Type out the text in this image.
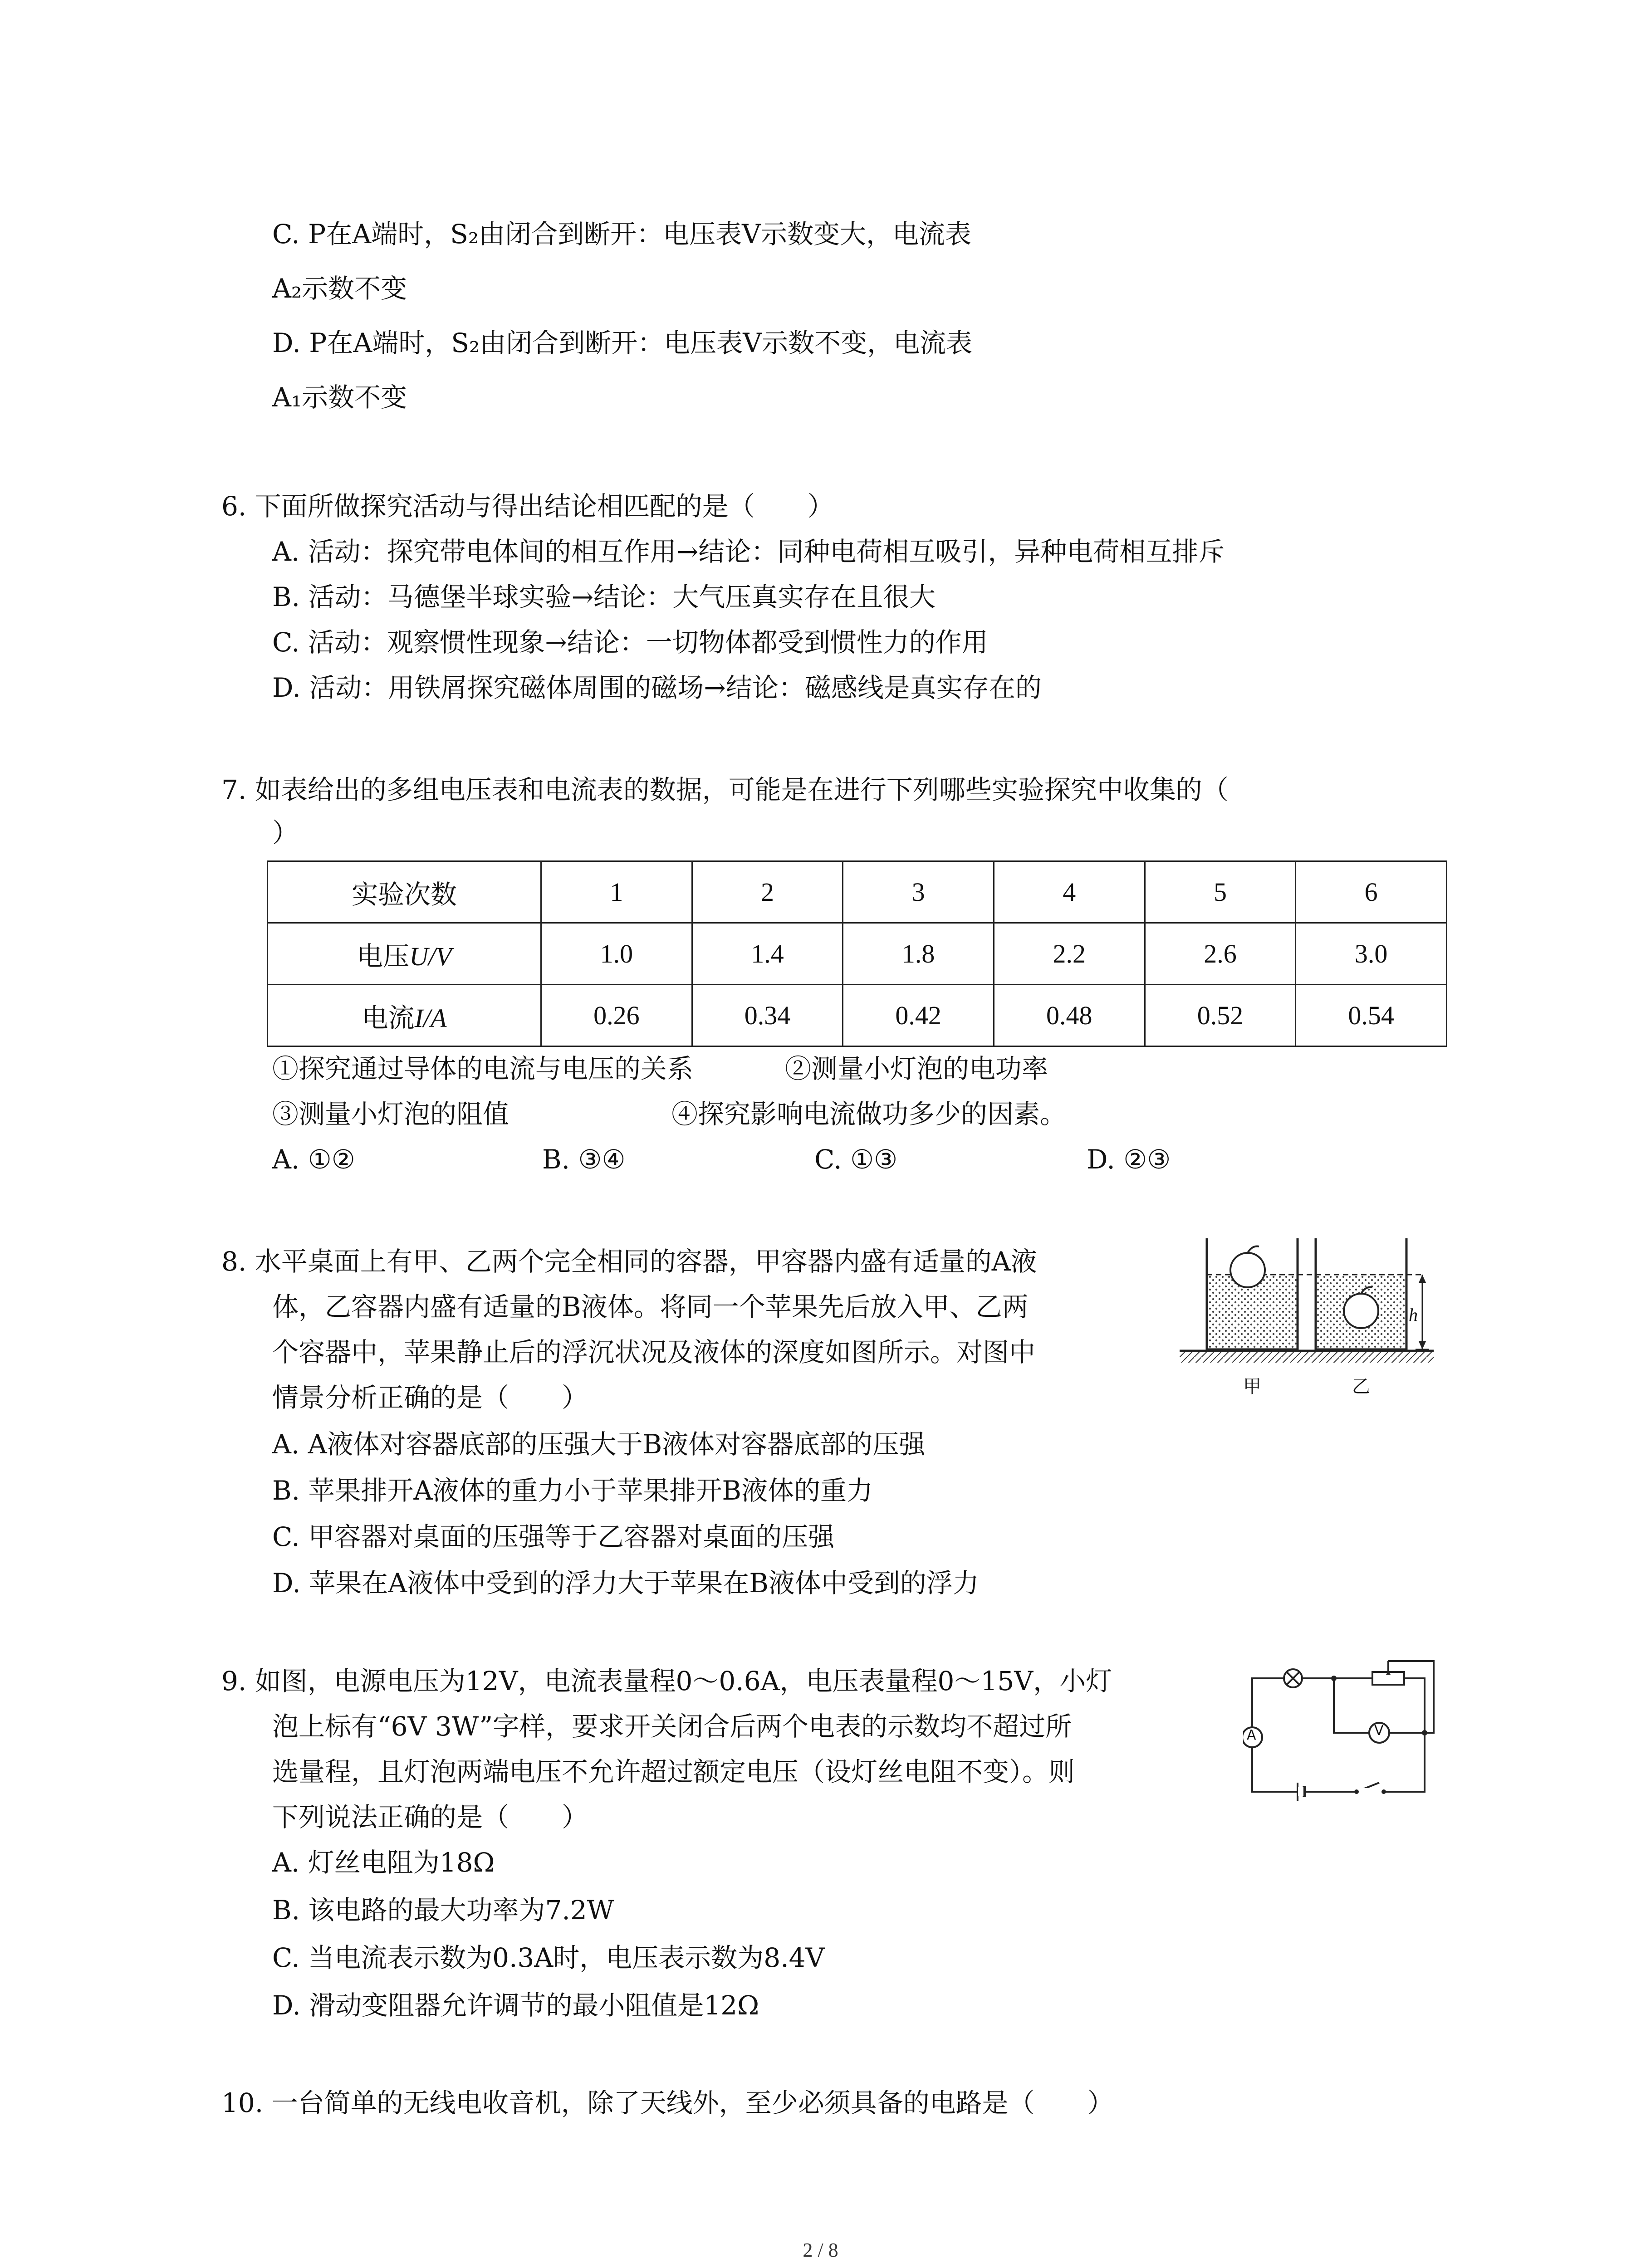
C. P在A端时，S₂由闭合到断开：电压表V示数变大，电流表
A₂示数不变
D. P在A端时，S₂由闭合到断开：电压表V示数不变，电流表
A₁示数不变
6. 下面所做探究活动与得出结论相匹配的是（　　）
A. 活动：探究带电体间的相互作用→结论：同种电荷相互吸引，异种电荷相互排斥
B. 活动：马德堡半球实验→结论：大气压真实存在且很大
C. 活动：观察惯性现象→结论：一切物体都受到惯性力的作用
D. 活动：用铁屑探究磁体周围的磁场→结论：磁感线是真实存在的
7. 如表给出的多组电压表和电流表的数据，可能是在进行下列哪些实验探究中收集的（
）
实验次数	1	2	3	4	5	6
电压U/V	1.0	1.4	1.8	2.2	2.6	3.0
电流I/A	0.26	0.34	0.42	0.48	0.52	0.54
①探究通过导体的电流与电压的关系	②测量小灯泡的电功率
③测量小灯泡的阻值	④探究影响电流做功多少的因素。
A. ①②	B. ③④	C. ①③	D. ②③
8. 水平桌面上有甲、乙两个完全相同的容器，甲容器内盛有适量的A液
体，乙容器内盛有适量的B液体。将同一个苹果先后放入甲、乙两
个容器中，苹果静止后的浮沉状况及液体的深度如图所示。对图中
情景分析正确的是（　　）
A. A液体对容器底部的压强大于B液体对容器底部的压强
B. 苹果排开A液体的重力小于苹果排开B液体的重力
C. 甲容器对桌面的压强等于乙容器对桌面的压强
D. 苹果在A液体中受到的浮力大于苹果在B液体中受到的浮力
h
甲	乙
9. 如图，电源电压为12V，电流表量程0～0.6A，电压表量程0～15V，小灯
泡上标有“6V 3W”字样，要求开关闭合后两个电表的示数均不超过所
选量程，且灯泡两端电压不允许超过额定电压（设灯丝电阻不变）。则
下列说法正确的是（　　）
A. 灯丝电阻为18Ω
B. 该电路的最大功率为7.2W
C. 当电流表示数为0.3A时，电压表示数为8.4V
D. 滑动变阻器允许调节的最小阻值是12Ω
A	V
10. 一台简单的无线电收音机，除了天线外，至少必须具备的电路是（　　）
2 / 8
